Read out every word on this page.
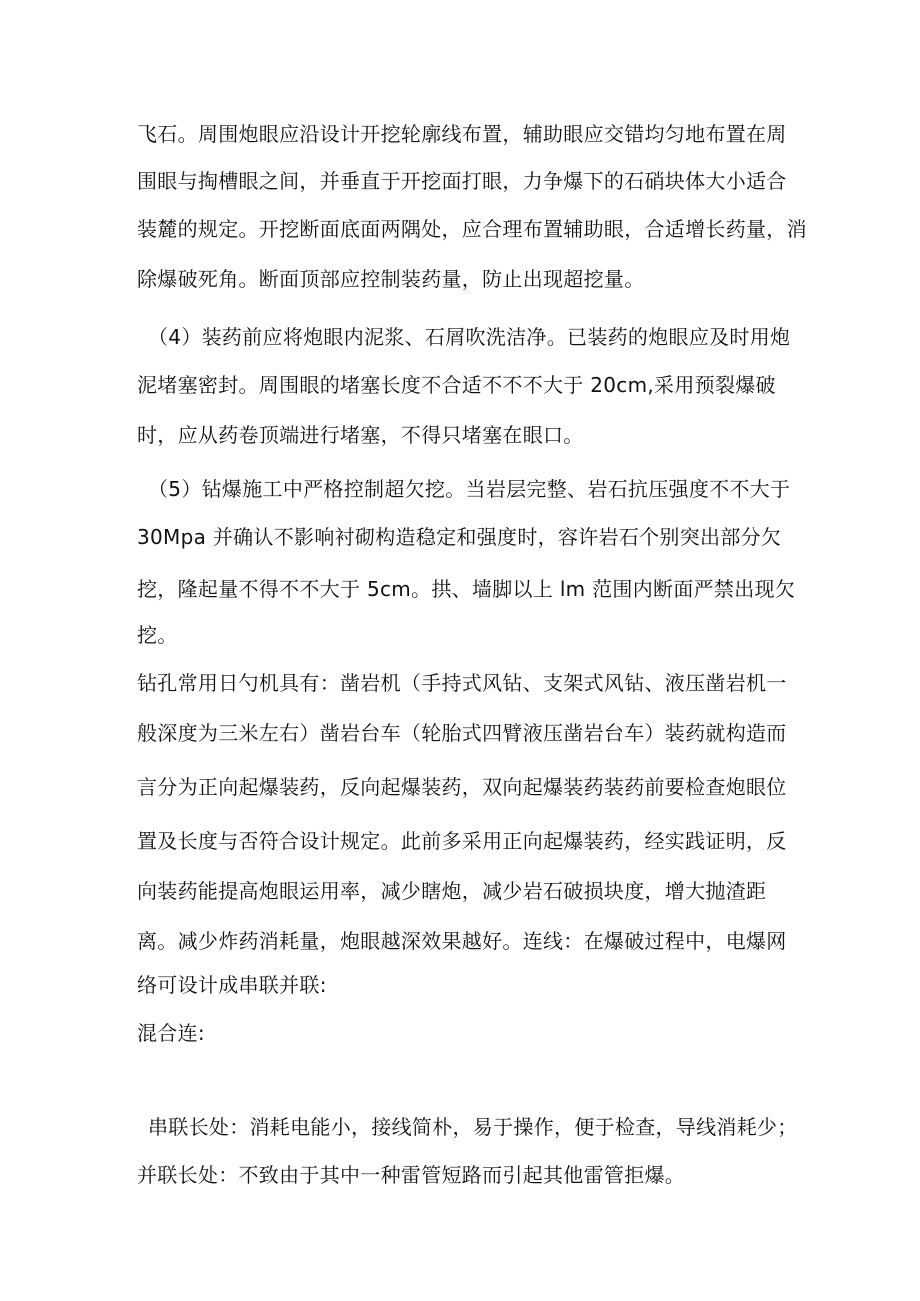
飞石。周围炮眼应沿设计开挖轮廓线布置，辅助眼应交错均匀地布置在周
围眼与掏槽眼之间，并垂直于开挖面打眼，力争爆下的石硝块体大小适合
装麓的规定。开挖断面底面两隅处，应合理布置辅助眼，合适增长药量，消
除爆破死角。断面顶部应控制装药量，防止出现超挖量。
（4）装药前应将炮眼内泥浆、石屑吹洗洁净。已装药的炮眼应及时用炮
泥堵塞密封。周围眼的堵塞长度不合适不不不大于 20cm,采用预裂爆破
时，应从药卷顶端进行堵塞，不得只堵塞在眼口。
（5）钻爆施工中严格控制超欠挖。当岩层完整、岩石抗压强度不不大于
30Mpa 并确认不影响衬砌构造稳定和强度时，容许岩石个别突出部分欠
挖，隆起量不得不不大于 5cm。拱、墙脚以上 lm 范围内断面严禁出现欠
挖。
钻孔常用日勺机具有：凿岩机（手持式风钻、支架式风钻、液压凿岩机一
般深度为三米左右）凿岩台车（轮胎式四臂液压凿岩台车）装药就构造而
言分为正向起爆装药，反向起爆装药，双向起爆装药装药前要检查炮眼位
置及长度与否符合设计规定。此前多采用正向起爆装药，经实践证明，反
向装药能提高炮眼运用率，减少瞎炮，减少岩石破损块度，增大抛渣距
离。减少炸药消耗量，炮眼越深效果越好。连线：在爆破过程中，电爆网
络可设计成串联并联:
混合连:
串联长处：消耗电能小，接线简朴，易于操作，便于检查，导线消耗少；
并联长处：不致由于其中一种雷管短路而引起其他雷管拒爆。
